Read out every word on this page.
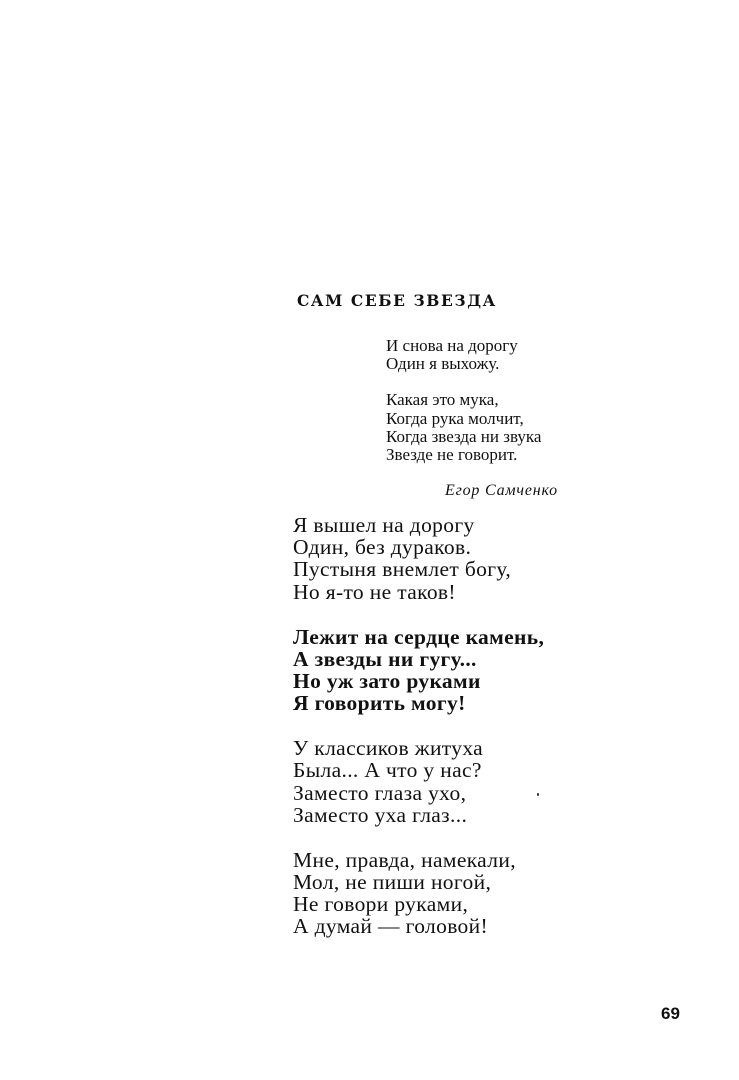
САМ СЕБЕ ЗВЕЗДА
И снова на дорогу
Один я выхожу.
Какая это мука,
Когда рука молчит,
Когда звезда ни звука
Звезде не говорит.
Егор Самченко
Я вышел на дорогу
Один, без дураков.
Пустыня внемлет богу,
Но я-то не таков!
Лежит на сердце камень,
А звезды ни гугу...
Но уж зато руками
Я говорить могу!
У классиков житуха
Была... А что у нас?
Заместо глаза ухо,
Заместо уха глаз...
Мне, правда, намекали,
Мол, не пиши ногой,
Не говори руками,
А думай — головой!
69
